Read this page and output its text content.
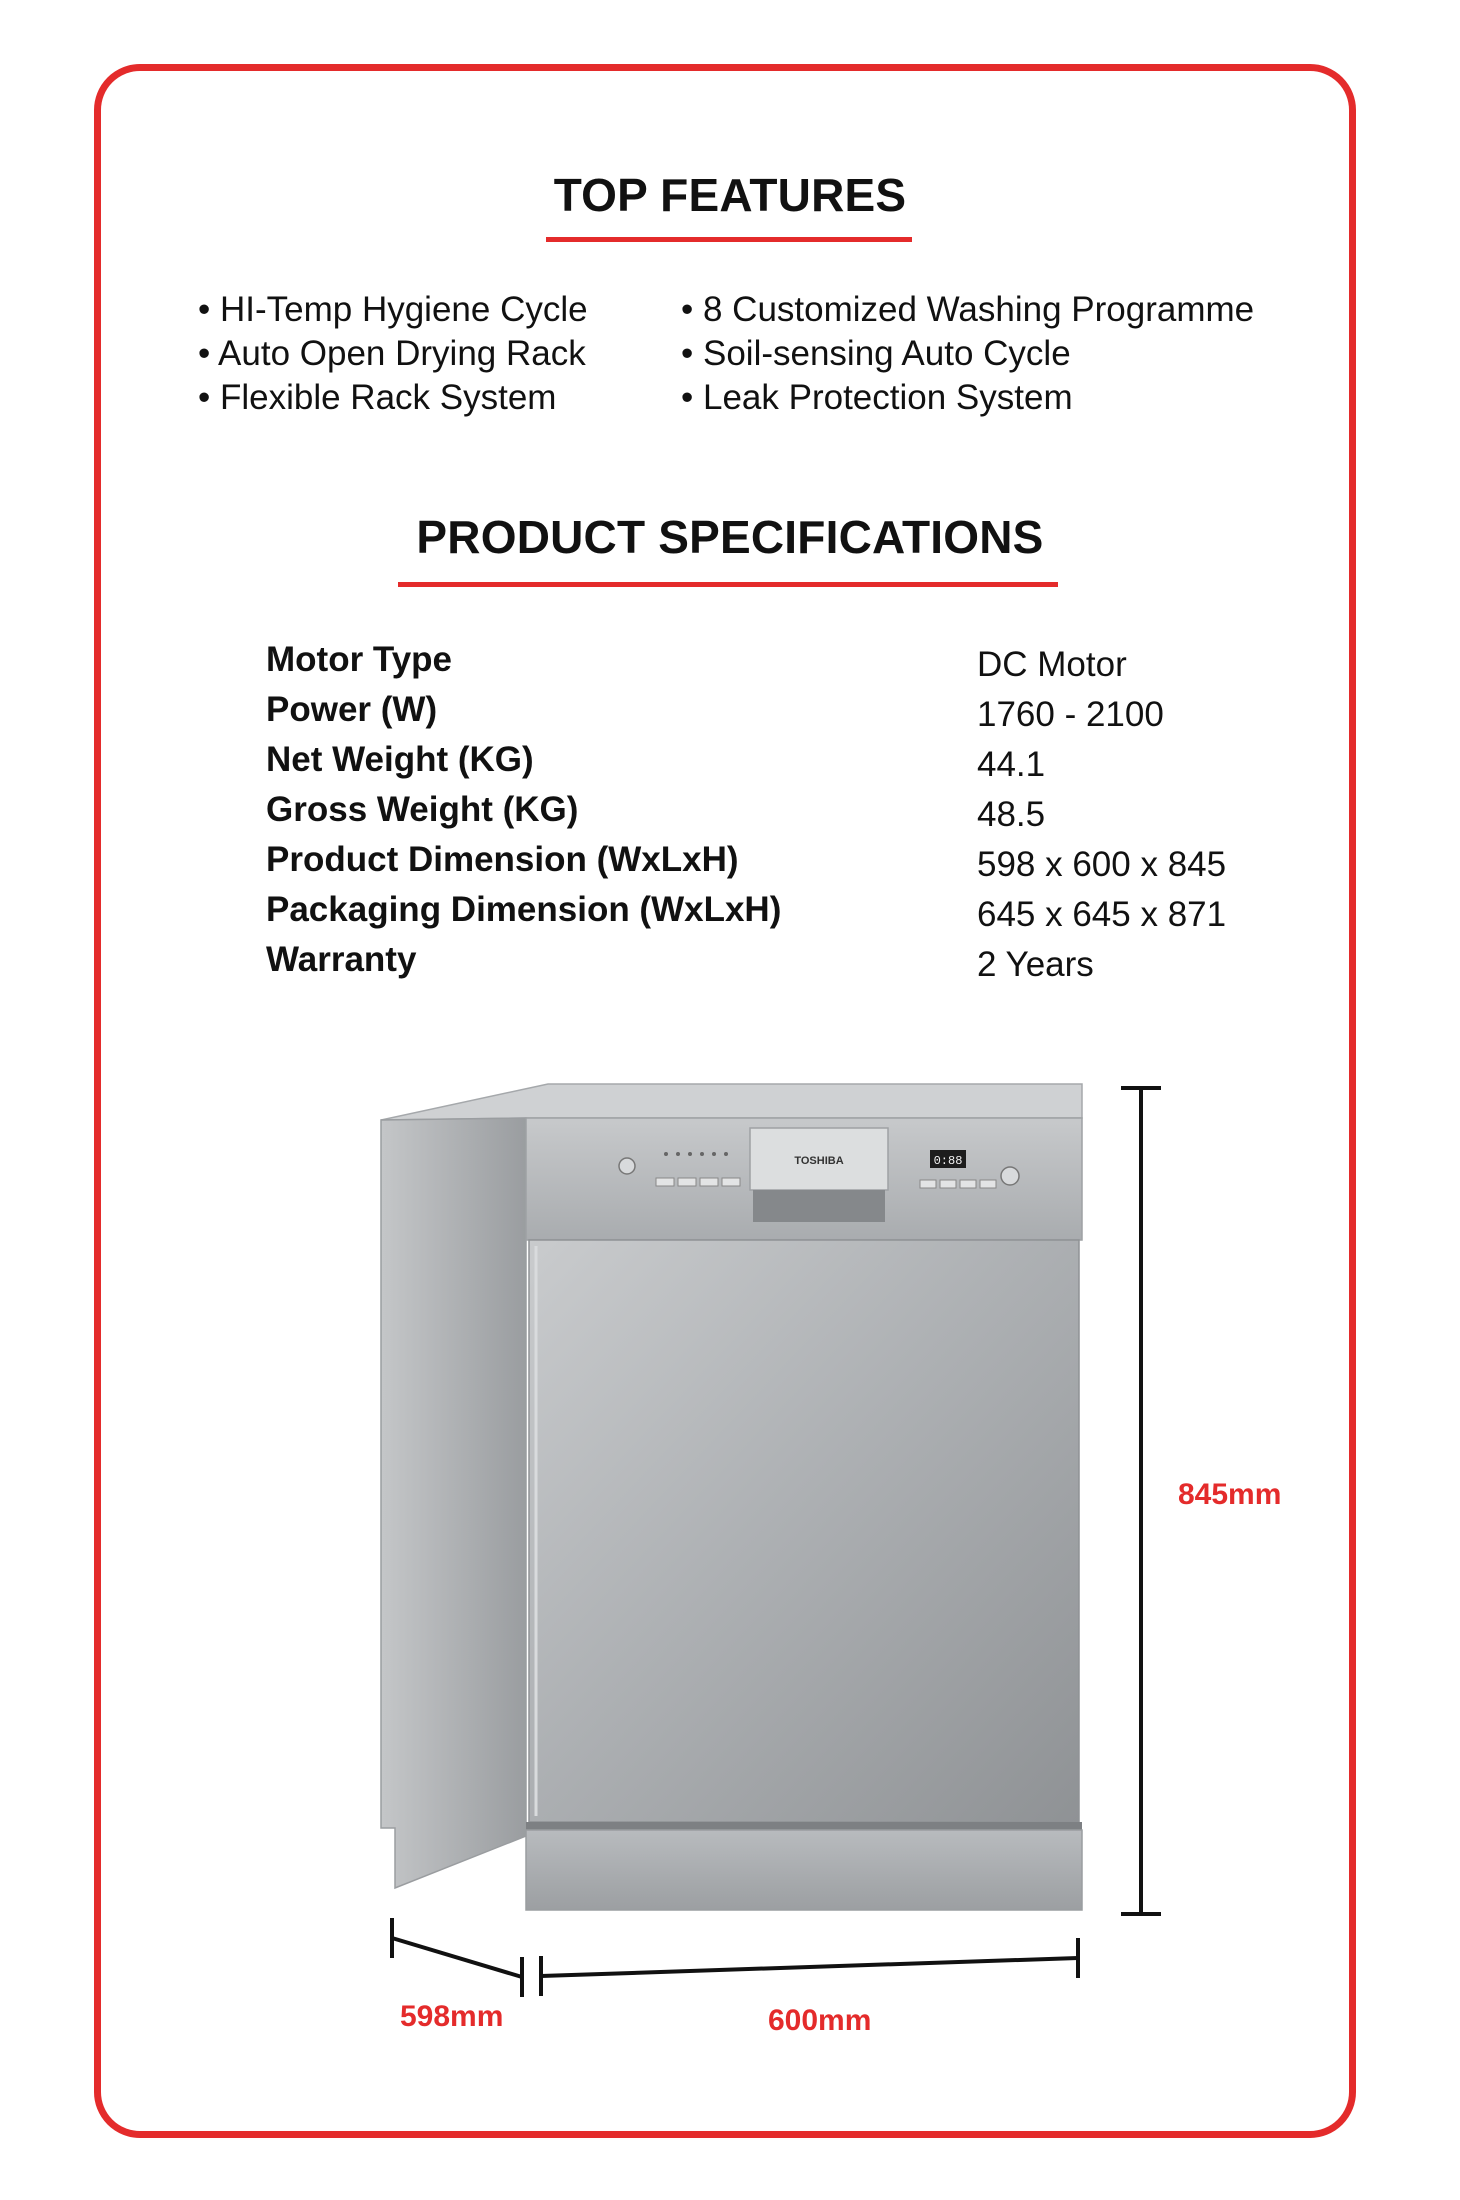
TOP FEATURES
• HI-Temp Hygiene Cycle
• Auto Open Drying Rack
• Flexible Rack System
• 8 Customized Washing Programme
• Soil-sensing Auto Cycle
• Leak Protection System
PRODUCT SPECIFICATIONS
Motor Type	DC Motor
Power (W)	1760 - 2100
Net Weight (KG)	44.1
Gross Weight (KG)	48.5
Product Dimension (WxLxH)	598 x 600 x 845
Packaging Dimension (WxLxH)	645 x 645 x 871
Warranty	2 Years
TOSHIBA	0:88
845mm
598mm	600mm
